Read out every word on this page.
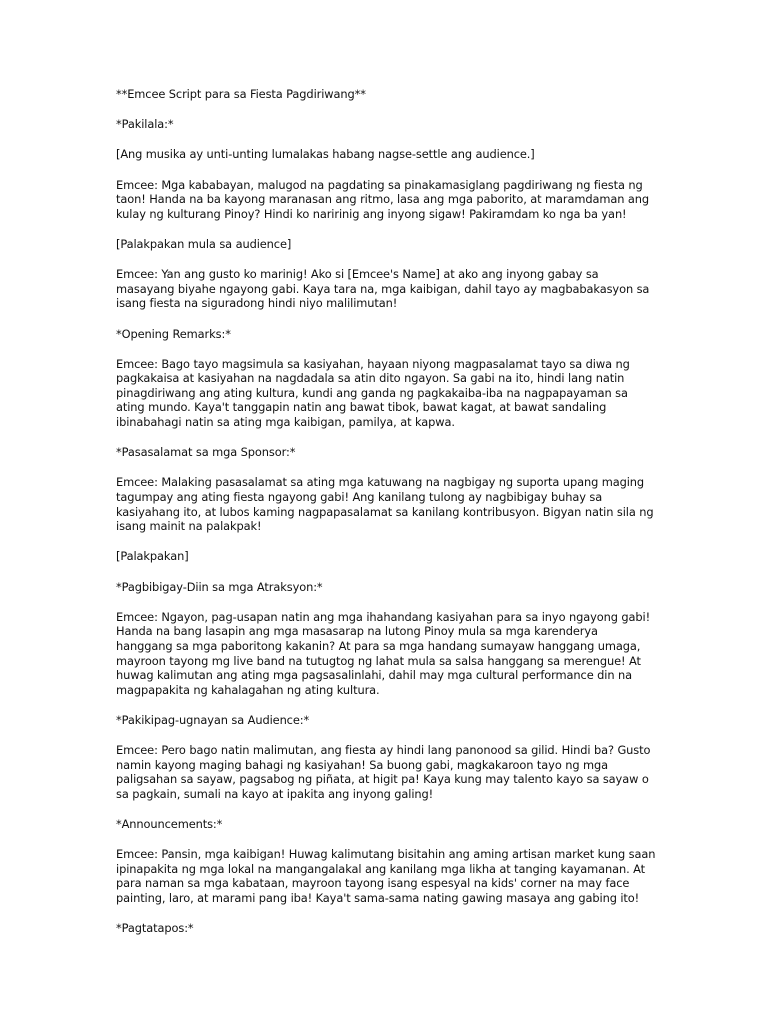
**Emcee Script para sa Fiesta Pagdiriwang**

*Pakilala:*

[Ang musika ay unti-unting lumalakas habang nagse-settle ang audience.]

Emcee: Mga kababayan, malugod na pagdating sa pinakamasiglang pagdiriwang ng fiesta ng taon! Handa na ba kayong maranasan ang ritmo, lasa ang mga paborito, at maramdaman ang kulay ng kulturang Pinoy? Hindi ko naririnig ang inyong sigaw! Pakiramdam ko nga ba yan!

[Palakpakan mula sa audience]

Emcee: Yan ang gusto ko marinig! Ako si [Emcee's Name] at ako ang inyong gabay sa masayang biyahe ngayong gabi. Kaya tara na, mga kaibigan, dahil tayo ay magbabakasyon sa isang fiesta na siguradong hindi niyo malilimutan!

*Opening Remarks:*

Emcee: Bago tayo magsimula sa kasiyahan, hayaan niyong magpasalamat tayo sa diwa ng pagkakaisa at kasiyahan na nagdadala sa atin dito ngayon. Sa gabi na ito, hindi lang natin pinagdiriwang ang ating kultura, kundi ang ganda ng pagkakaiba-iba na nagpapayaman sa ating mundo. Kaya't tanggapin natin ang bawat tibok, bawat kagat, at bawat sandaling ibinabahagi natin sa ating mga kaibigan, pamilya, at kapwa.

*Pasasalamat sa mga Sponsor:*

Emcee: Malaking pasasalamat sa ating mga katuwang na nagbigay ng suporta upang maging tagumpay ang ating fiesta ngayong gabi! Ang kanilang tulong ay nagbibigay buhay sa kasiyahang ito, at lubos kaming nagpapasalamat sa kanilang kontribusyon. Bigyan natin sila ng isang mainit na palakpak!

[Palakpakan]

*Pagbibigay-Diin sa mga Atraksyon:*

Emcee: Ngayon, pag-usapan natin ang mga ihahandang kasiyahan para sa inyo ngayong gabi! Handa na bang lasapin ang mga masasarap na lutong Pinoy mula sa mga karenderya hanggang sa mga paboritong kakanin? At para sa mga handang sumayaw hanggang umaga, mayroon tayong mg live band na tutugtog ng lahat mula sa salsa hanggang sa merengue! At huwag kalimutan ang ating mga pagsasalinlahi, dahil may mga cultural performance din na magpapakita ng kahalagahan ng ating kultura.

*Pakikipag-ugnayan sa Audience:*

Emcee: Pero bago natin malimutan, ang fiesta ay hindi lang panonood sa gilid. Hindi ba? Gusto namin kayong maging bahagi ng kasiyahan! Sa buong gabi, magkakaroon tayo ng mga paligsahan sa sayaw, pagsabog ng piñata, at higit pa! Kaya kung may talento kayo sa sayaw o sa pagkain, sumali na kayo at ipakita ang inyong galing!

*Announcements:*

Emcee: Pansin, mga kaibigan! Huwag kalimutang bisitahin ang aming artisan market kung saan ipinapakita ng mga lokal na mangangalakal ang kanilang mga likha at tanging kayamanan. At para naman sa mga kabataan, mayroon tayong isang espesyal na kids' corner na may face painting, laro, at marami pang iba! Kaya't sama-sama nating gawing masaya ang gabing ito!

*Pagtatapos:*
